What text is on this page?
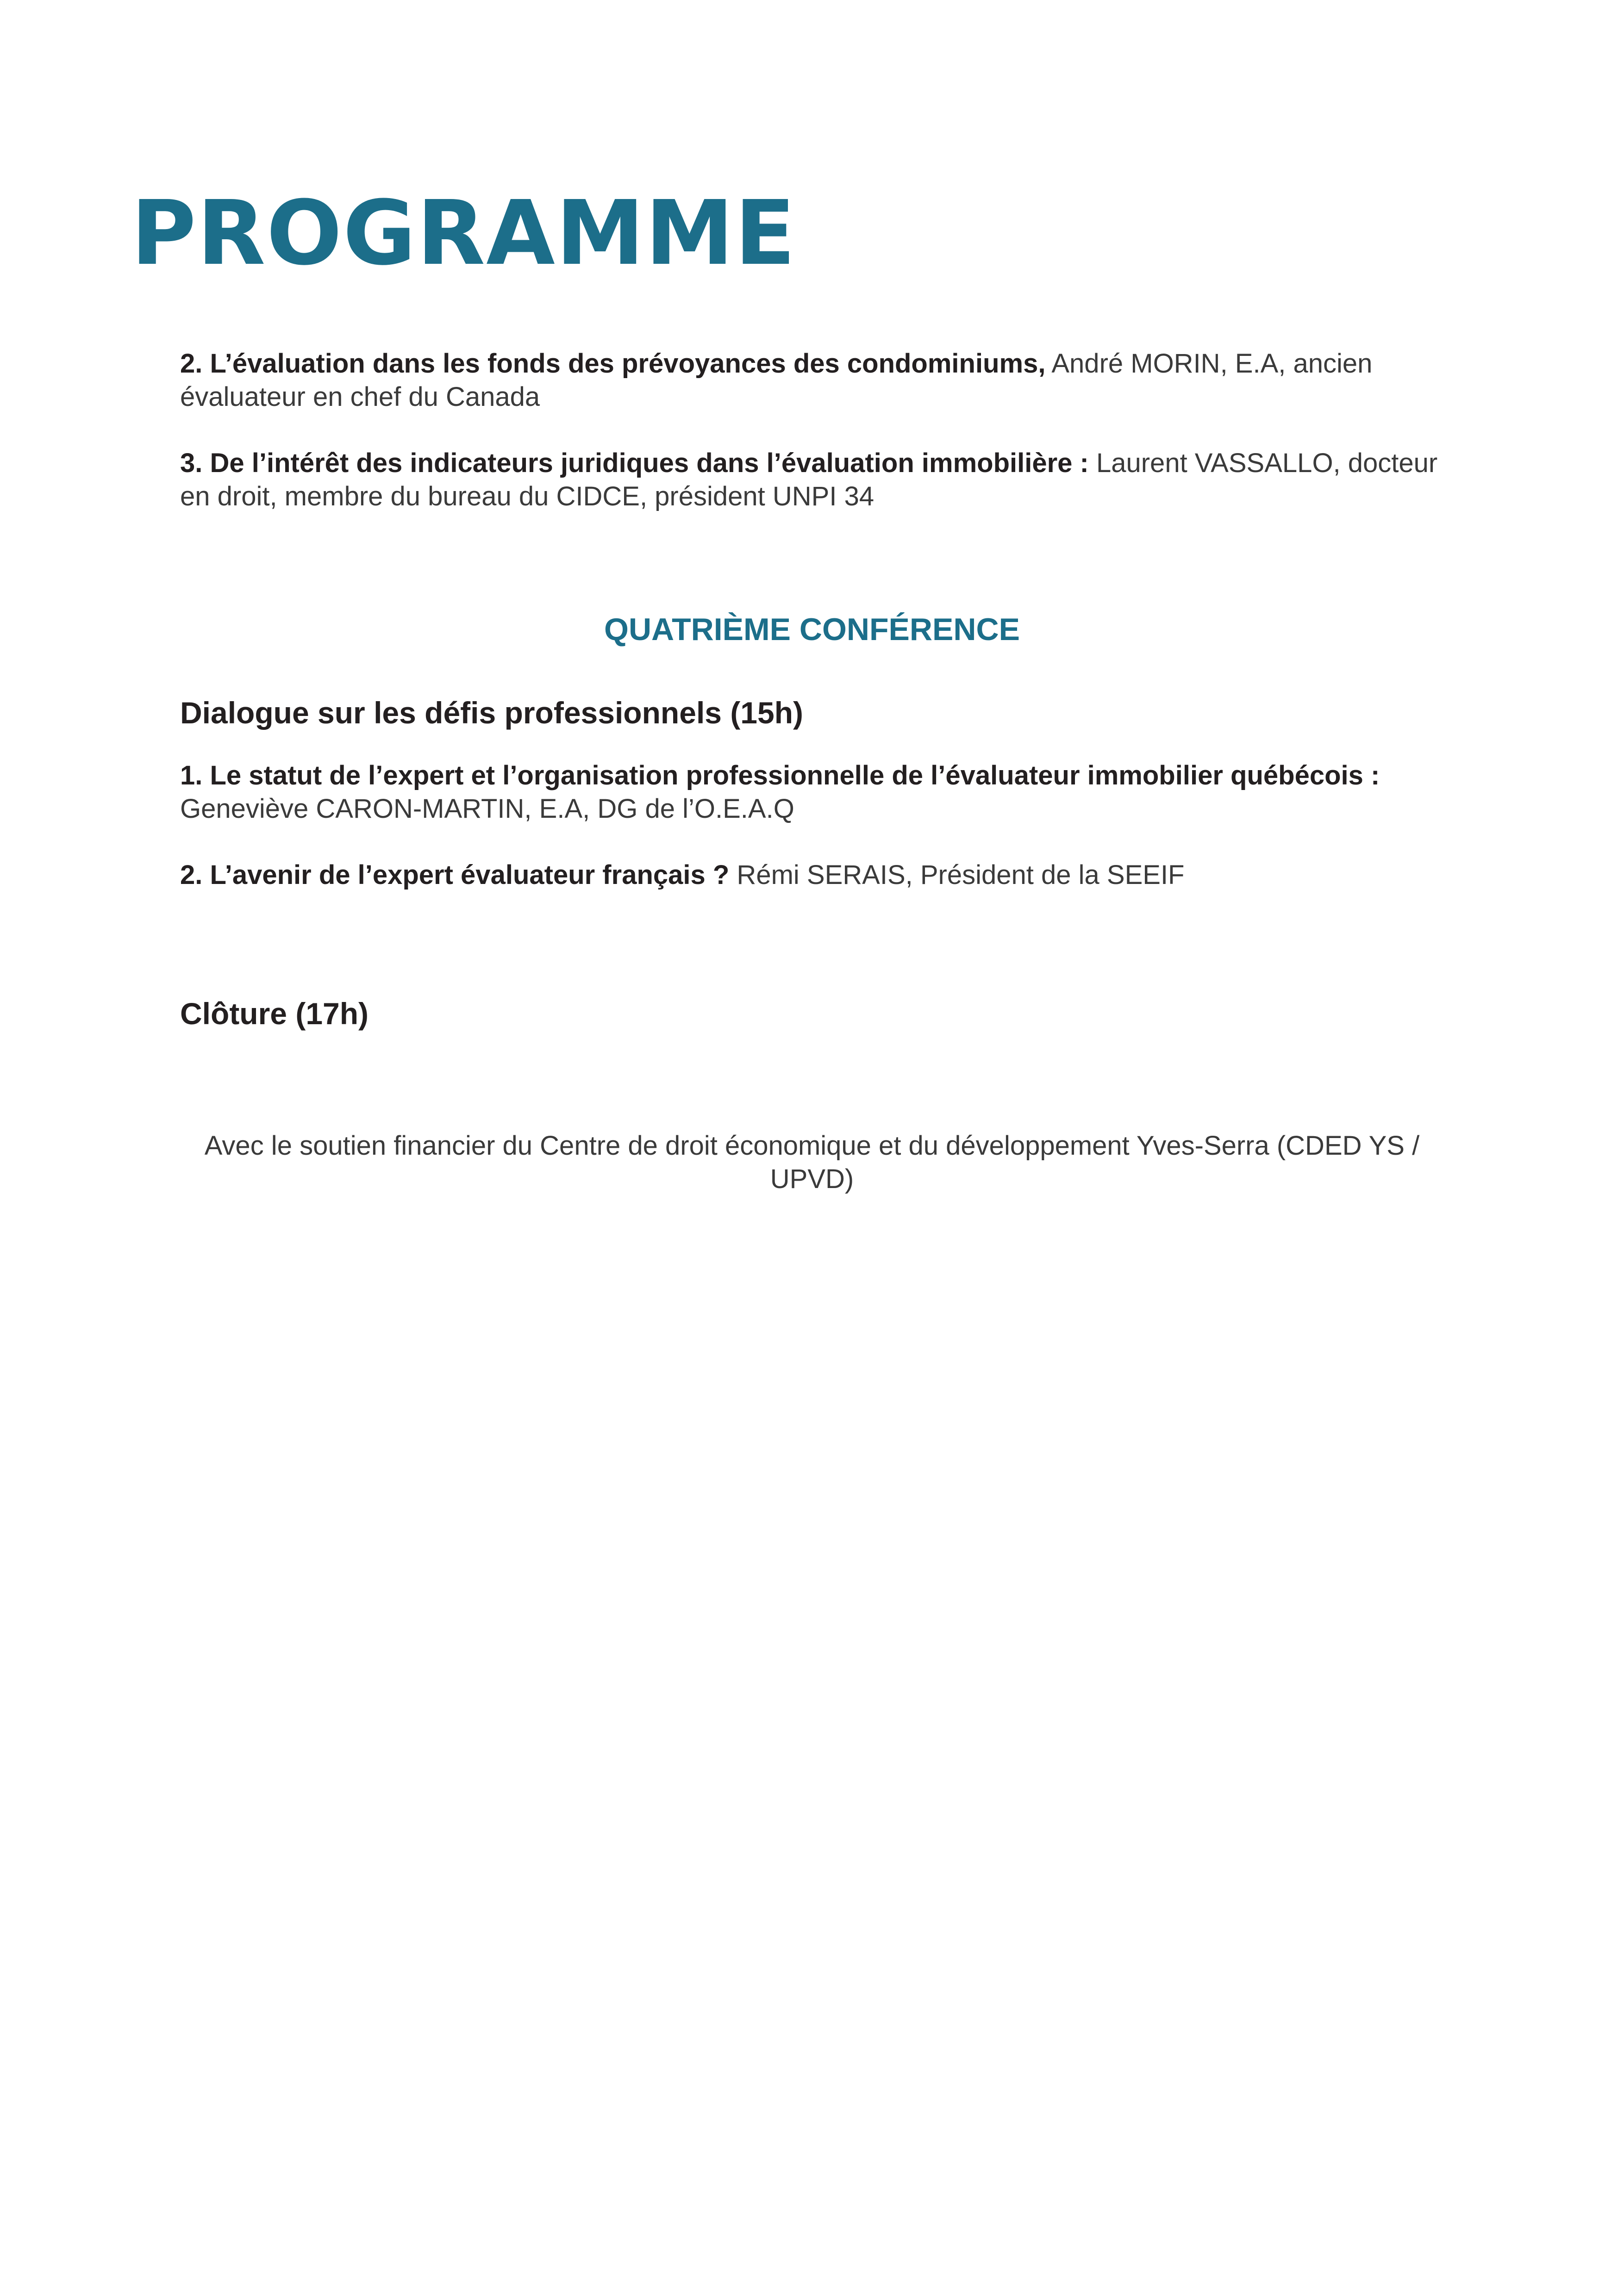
PROGRAMME

2. L’évaluation dans les fonds des prévoyances des condominiums, André MORIN, E.A, ancien évaluateur en chef du Canada

3. De l’intérêt des indicateurs juridiques dans l’évaluation immobilière : Laurent VASSALLO, docteur en droit, membre du bureau du CIDCE, président UNPI 34

QUATRIÈME CONFÉRENCE
Dialogue sur les défis professionnels (15h)

1. Le statut de l’expert et l’organisation professionnelle de l’évaluateur immobilier québécois : Geneviève CARON-MARTIN, E.A, DG de l’O.E.A.Q

2. L’avenir de l’expert évaluateur français ? Rémi SERAIS, Président de la SEEIF

Clôture (17h)

Avec le soutien financier du Centre de droit économique et du développement Yves-Serra (CDED YS / UPVD)
